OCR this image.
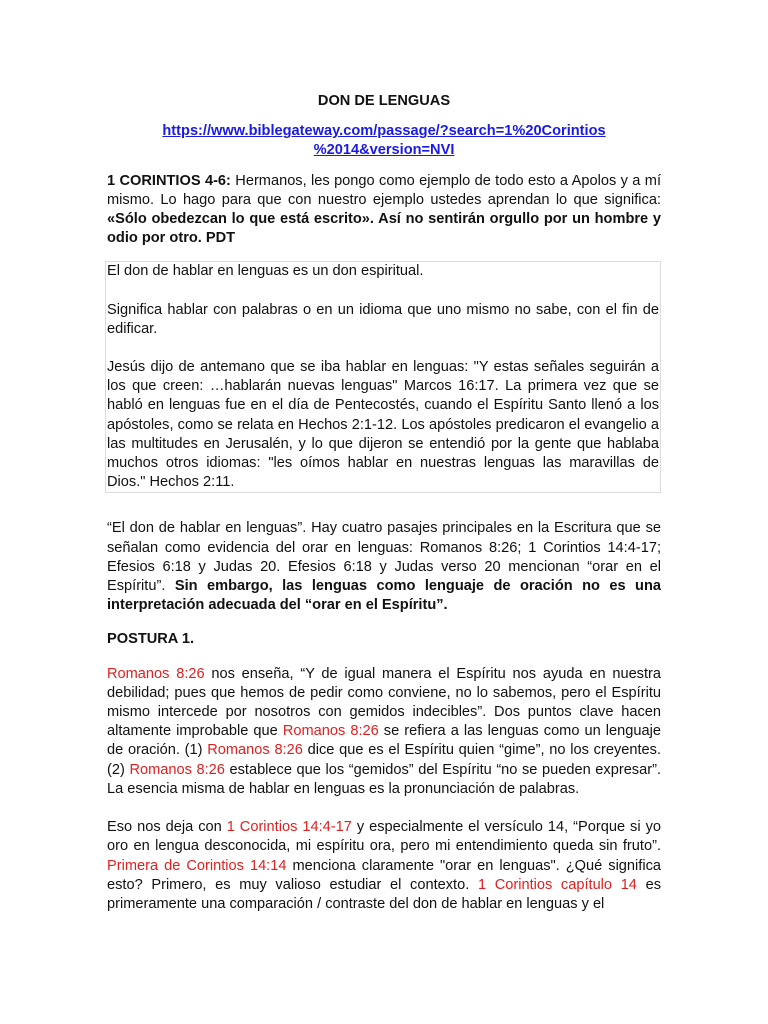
DON DE LENGUAS

https://www.biblegateway.com/passage/?search=1%20Corintios
%2014&version=NVI

1 CORINTIOS 4-6: Hermanos, les pongo como ejemplo de todo esto a Apolos y a mí mismo. Lo hago para que con nuestro ejemplo ustedes aprendan lo que significa: «Sólo obedezcan lo que está escrito». Así no sentirán orgullo por un hombre y odio por otro. PDT

El don de hablar en lenguas es un don espiritual.

Significa hablar con palabras o en un idioma que uno mismo no sabe, con el fin de edificar.

Jesús dijo de antemano que se iba hablar en lenguas: "Y estas señales seguirán a los que creen: …hablarán nuevas lenguas" Marcos 16:17. La primera vez que se habló en lenguas fue en el día de Pentecostés, cuando el Espíritu Santo llenó a los apóstoles, como se relata en Hechos 2:1-12. Los apóstoles predicaron el evangelio a las multitudes en Jerusalén, y lo que dijeron se entendió por la gente que hablaba muchos otros idiomas: "les oímos hablar en nuestras lenguas las maravillas de Dios." Hechos 2:11.

“El don de hablar en lenguas”. Hay cuatro pasajes principales en la Escritura que se señalan como evidencia del orar en lenguas: Romanos 8:26; 1 Corintios 14:4-17; Efesios 6:18 y Judas 20. Efesios 6:18 y Judas verso 20 mencionan “orar en el Espíritu”. Sin embargo, las lenguas como lenguaje de oración no es una interpretación adecuada del “orar en el Espíritu”.

POSTURA 1.

Romanos 8:26 nos enseña, “Y de igual manera el Espíritu nos ayuda en nuestra debilidad; pues que hemos de pedir como conviene, no lo sabemos, pero el Espíritu mismo intercede por nosotros con gemidos indecibles”. Dos puntos clave hacen altamente improbable que Romanos 8:26 se refiera a las lenguas como un lenguaje de oración. (1) Romanos 8:26 dice que es el Espíritu quien “gime”, no los creyentes. (2) Romanos 8:26 establece que los “gemidos” del Espíritu “no se pueden expresar”. La esencia misma de hablar en lenguas es la pronunciación de palabras.

Eso nos deja con 1 Corintios 14:4-17 y especialmente el versículo 14, “Porque si yo oro en lengua desconocida, mi espíritu ora, pero mi entendimiento queda sin fruto”. Primera de Corintios 14:14 menciona claramente "orar en lenguas". ¿Qué significa esto? Primero, es muy valioso estudiar el contexto. 1 Corintios capítulo 14 es primeramente una comparación / contraste del don de hablar en lenguas y el
